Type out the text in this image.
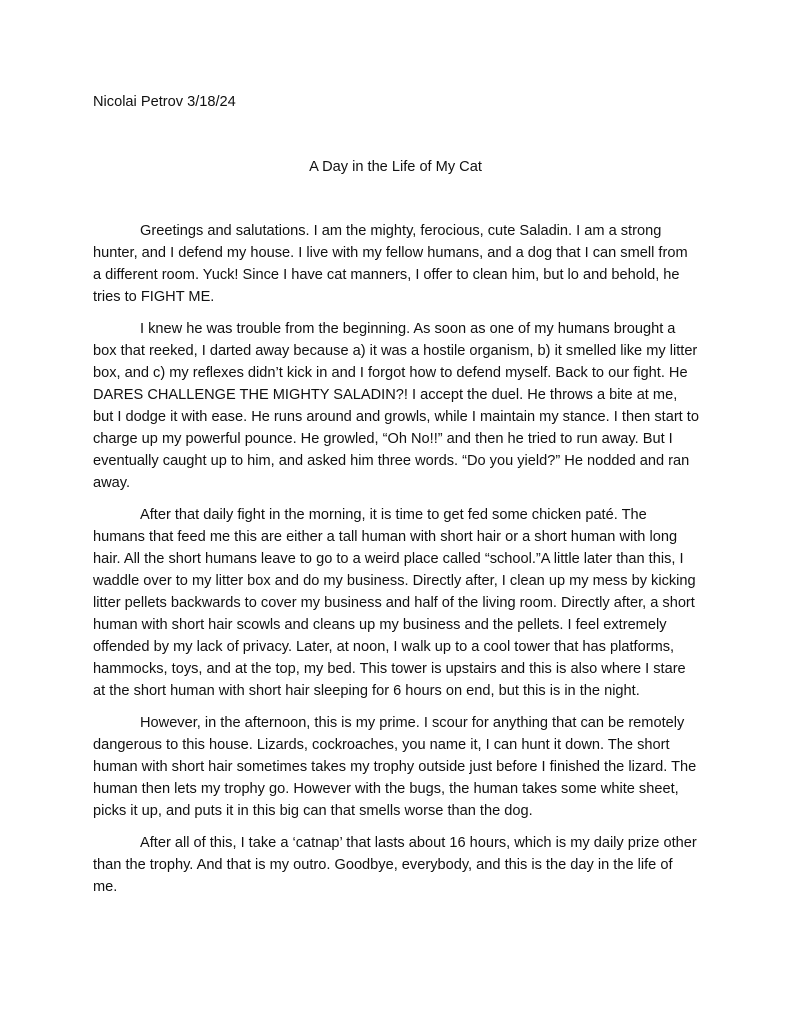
Nicolai Petrov 3/18/24
A Day in the Life of My Cat

Greetings and salutations. I am the mighty, ferocious, cute Saladin. I am a strong hunter, and I defend my house. I live with my fellow humans, and a dog that I can smell from a different room. Yuck! Since I have cat manners, I offer to clean him, but lo and behold, he tries to FIGHT ME.

I knew he was trouble from the beginning. As soon as one of my humans brought a box that reeked, I darted away because a) it was a hostile organism, b) it smelled like my litter box, and c) my reflexes didn’t kick in and I forgot how to defend myself. Back to our fight. He DARES CHALLENGE THE MIGHTY SALADIN?! I accept the duel. He throws a bite at me, but I dodge it with ease. He runs around and growls, while I maintain my stance. I then start to charge up my powerful pounce. He growled, “Oh No!!” and then he tried to run away. But I eventually caught up to him, and asked him three words. “Do you yield?” He nodded and ran away.

After that daily fight in the morning, it is time to get fed some chicken paté. The humans that feed me this are either a tall human with short hair or a short human with long hair. All the short humans leave to go to a weird place called “school.”A little later than this, I waddle over to my litter box and do my business. Directly after, I clean up my mess by kicking litter pellets backwards to cover my business and half of the living room. Directly after, a short human with short hair scowls and cleans up my business and the pellets. I feel extremely offended by my lack of privacy. Later, at noon, I walk up to a cool tower that has platforms, hammocks, toys, and at the top, my bed. This tower is upstairs and this is also where I stare at the short human with short hair sleeping for 6 hours on end, but this is in the night.

However, in the afternoon, this is my prime. I scour for anything that can be remotely dangerous to this house. Lizards, cockroaches, you name it, I can hunt it down. The short human with short hair sometimes takes my trophy outside just before I finished the lizard. The human then lets my trophy go. However with the bugs, the human takes some white sheet, picks it up, and puts it in this big can that smells worse than the dog.

After all of this, I take a ‘catnap’ that lasts about 16 hours, which is my daily prize other than the trophy. And that is my outro. Goodbye, everybody, and this is the day in the life of me.
